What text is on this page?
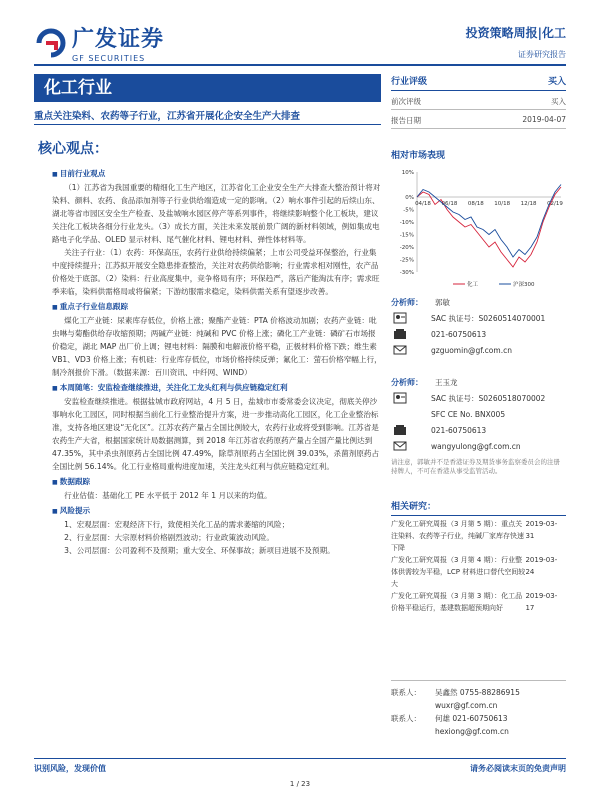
广发证券
GF SECURITIES
投资策略周报|化工
证券研究报告
化工行业
重点关注染料、农药等子行业，江苏省开展化企安全生产大排查
核心观点：
■ 目前行业观点
（1）江苏省为我国重要的精细化工生产地区，江苏省化工企业安全生产大排查大整治预计将对染料、颜料、农药、食品添加剂等子行业供给端造成一定的影响。（2）响水事件引起的后续山东、湖北等省市园区安全生产检查、及盐城响水园区停产等系列事件，将继续影响整个化工板块，建议关注化工板块各细分行业龙头。（3）成长方面，关注未来发展前景广阔的新材料领域，例如集成电路电子化学品、OLED 显示材料、尾气催化材料、锂电材料、弹性体材料等。
关注子行业：（1）农药：环保高压，农药行业供给持续偏紧；上市公司受益环保整治，行业集中度持续提升；江苏拟开展安全隐患排查整治，关注对农药供给影响；行业需求相对刚性，农产品价格处于底部。（2）染料：行业高度集中，竞争格局有序；环保趋严，落后产能淘汰有序；需求旺季来临，染料供需格局或将偏紧；下游纺服需求稳定，染料供需关系有望逐步改善。
■ 重点子行业信息跟踪
煤化工产业链：尿素库存低位，价格上涨；聚酯产业链：PTA 价格波动加剧；农药产业链：吡虫啉与菊酯供给存收缩预期；两碱产业链：纯碱和 PVC 价格上涨；磷化工产业链：磷矿石市场报价稳定，湖北 MAP 出厂价上调；锂电材料：隔膜和电解液价格平稳，正极材料价格下跌；维生素 VB1、VD3 价格上涨；有机硅：行业库存低位，市场价格持续反弹；氟化工：萤石价格窄幅上行，制冷剂报价下滑。（数据来源：百川资讯、中纤网、WIND）
■ 本周随笔：安监检查继续推进，关注化工龙头红利与供应链稳定红利
安监检查继续推进。根据盐城市政府网站，4 月 5 日，盐城市市委常委会议决定，彻底关停沙事响水化工园区，同时根据当前化工行业整治提升方案，进一步推动高化工园区，化工企业整治标准，支持各地区建设“无化区”。江苏农药产量占全国比例较大，农药行业或将受到影响。江苏省是农药生产大省，根据国家统计局数据测算，到 2018 年江苏省农药原药产量占全国产量比例达到 47.35%，其中杀虫剂原药占全国比例 47.49%，除草剂原药占全国比例 39.03%，杀菌剂原药占全国比例 56.14%。化工行业格局重构进度加速，关注龙头红利与供应链稳定红利。
■ 数据跟踪
行业估值：基础化工 PE 水平低于 2012 年 1 月以来的均值。
■ 风险提示
1、宏观层面：宏观经济下行，致使相关化工品的需求萎缩的风险；
2、行业层面：大宗原材料价格剧烈波动；行业政策波动风险。
3、公司层面：公司盈利不及预期；重大安全、环保事故；新项目进展不及预期。
行业评级	买入
前次评级	买入
报告日期	2019-04-07
相对市场表现
10%
0%
-5%
-10%
-15%
-20%
-25%
-30%
04/18 06/18 08/18 10/18 12/18 02/19
化工	沪深300
分析师： 郭敏
SAC 执证号：S0260514070001
021-60750613
gzguomin@gf.com.cn
分析师： 王玉龙
SAC 执证号：S0260518070002
SFC CE No. BNX005
021-60750613
wangyulong@gf.com.cn
请注意，郭敏并不是香港证券及期货事务监察委员会的注册持牌人，不可在香港从事受监管活动。
相关研究：
广发化工研究周报（3 月第 5 期）：重点关注染料、农药等子行业，纯碱厂家库存快速下降
2019-03-31
广发化工研究周报（3 月第 4 期）：行业整体供需较为平稳，LCP 材料进口替代空间较大
2019-03-24
广发化工研究周报（3 月第 3 期）：化工品价格平稳运行，基建数据超预期向好
2019-03-17
联系人：	吴鑫然 0755-88286915
wuxr@gf.com.cn
联系人：	何雄 021-60750613
hexiong@gf.com.cn
识别风险，发现价值	请务必阅读末页的免责声明
1 / 23
